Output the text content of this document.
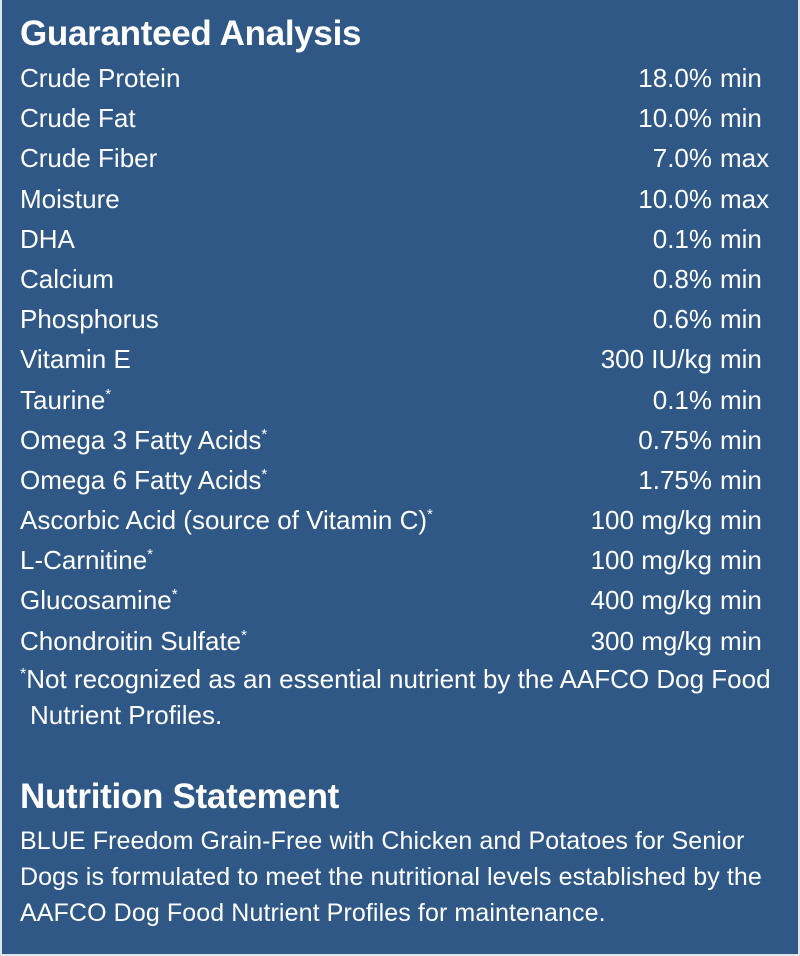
Guaranteed Analysis
Crude Protein	18.0% min
Crude Fat	10.0% min
Crude Fiber	7.0% max
Moisture	10.0% max
DHA	0.1% min
Calcium	0.8% min
Phosphorus	0.6% min
Vitamin E	300 IU/kg min
Taurine*	0.1% min
Omega 3 Fatty Acids*	0.75% min
Omega 6 Fatty Acids*	1.75% min
Ascorbic Acid (source of Vitamin C)*	100 mg/kg min
L-Carnitine*	100 mg/kg min
Glucosamine*	400 mg/kg min
Chondroitin Sulfate*	300 mg/kg min
*Not recognized as an essential nutrient by the AAFCO Dog Food
Nutrient Profiles.
Nutrition Statement
BLUE Freedom Grain-Free with Chicken and Potatoes for Senior
Dogs is formulated to meet the nutritional levels established by the
AAFCO Dog Food Nutrient Profiles for maintenance.
